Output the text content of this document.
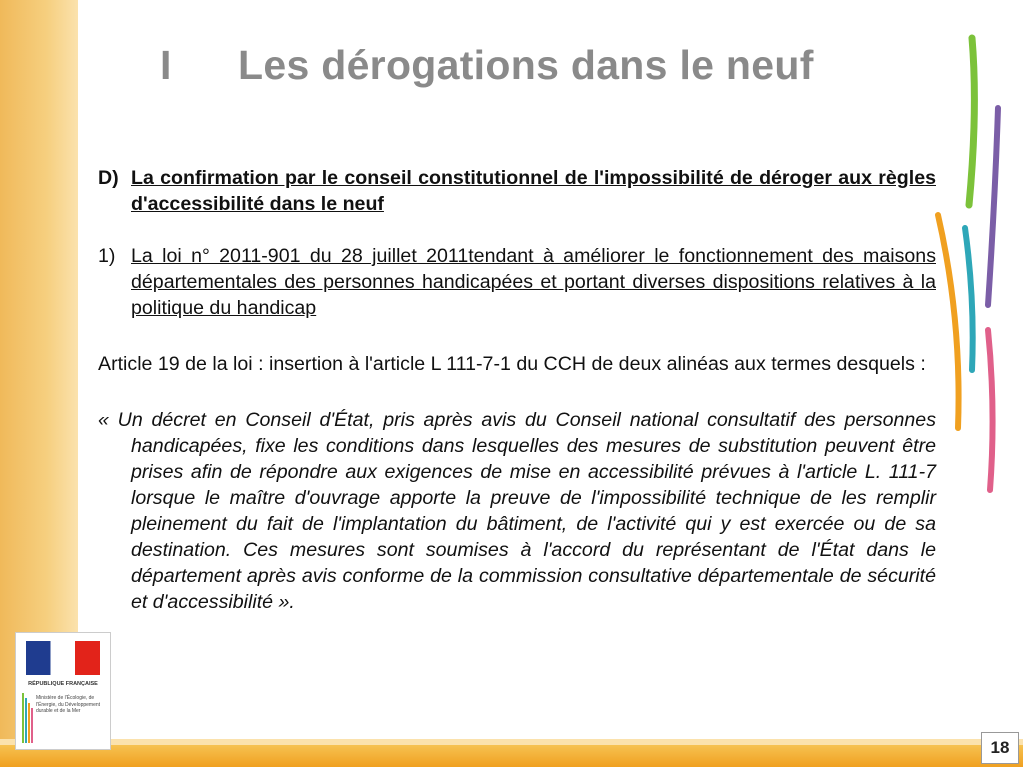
I Les dérogations dans le neuf
D) La confirmation par le conseil constitutionnel de l'impossibilité de déroger aux règles d'accessibilité dans le neuf
1) La loi n° 2011-901 du 28 juillet 2011tendant à améliorer le fonctionnement des maisons départementales des personnes handicapées et portant diverses dispositions relatives à la politique du handicap
Article 19 de la loi : insertion à l'article L 111-7-1 du CCH de deux alinéas aux termes desquels :
« Un décret en Conseil d'État, pris après avis du Conseil national consultatif des personnes handicapées, fixe les conditions dans lesquelles des mesures de substitution peuvent être prises afin de répondre aux exigences de mise en accessibilité prévues à l'article L. 111-7 lorsque le maître d'ouvrage apporte la preuve de l'impossibilité technique de les remplir pleinement du fait de l'implantation du bâtiment, de l'activité qui y est exercée ou de sa destination. Ces mesures sont soumises à l'accord du représentant de l'État dans le département après avis conforme de la commission consultative départementale de sécurité et d'accessibilité ».
RÉPUBLIQUE FRANÇAISE
Ministère de l'Écologie, de l'Énergie, du Développement durable et de la Mer
18
